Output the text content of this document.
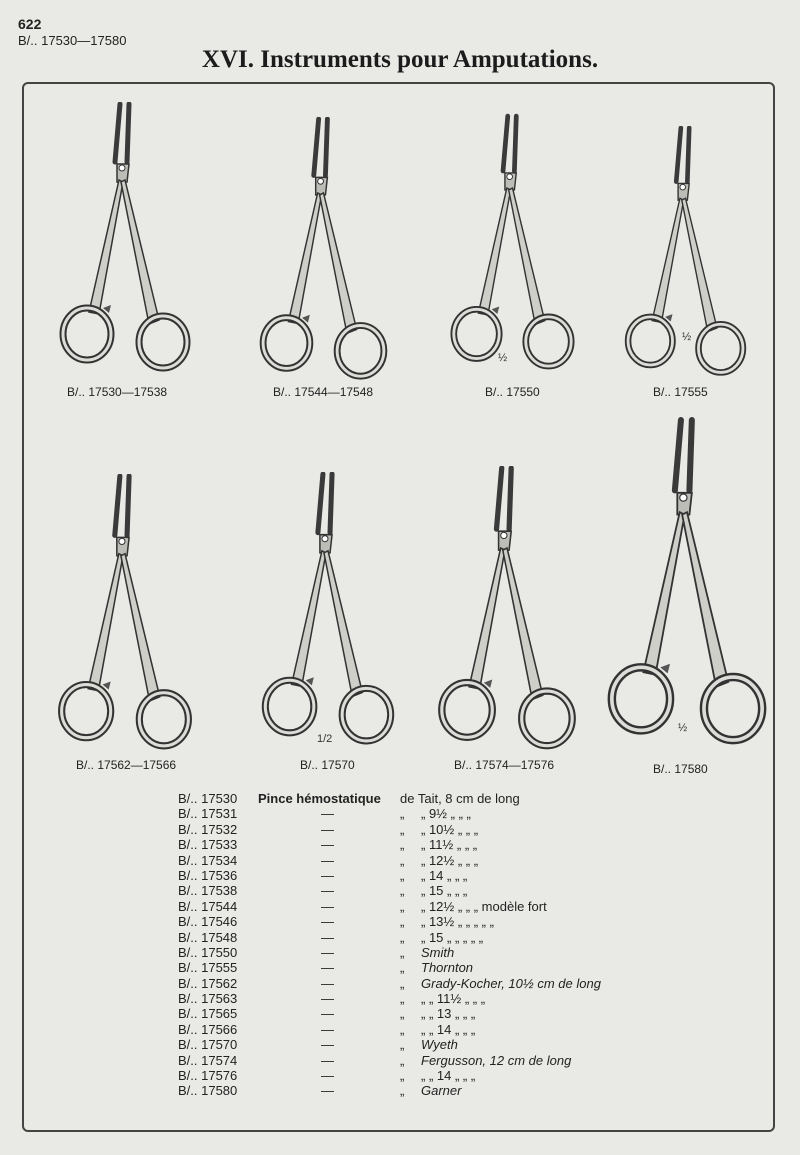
622
B/.. 17530—17580
XVI. Instruments pour Amputations.
B/.. 17530—17538	B/.. 17544—17548	B/.. 17550	B/.. 17555
B/.. 17562—17566	B/.. 17570	B/.. 17574—17576	B/.. 17580
½
½
1/2
½
B/.. 17530	Pince hémostatique de Tait, 8 cm de long
B/.. 17531	—	„ „ 9½ „ „ „
B/.. 17532	—	„ „ 10½ „ „ „
B/.. 17533	—	„ „ 11½ „ „ „
B/.. 17534	—	„ „ 12½ „ „ „
B/.. 17536	—	„ „ 14 „ „ „
B/.. 17538	—	„ „ 15 „ „ „
B/.. 17544	—	„ „ 12½ „ „ „ modèle fort
B/.. 17546	—	„ „ 13½ „ „ „ „ „
B/.. 17548	—	„ „ 15 „ „ „ „ „
B/.. 17550	—	„ Smith
B/.. 17555	—	„ Thornton
B/.. 17562	—	„ Grady-Kocher, 10½ cm de long
B/.. 17563	—	„ „ „ 11½ „ „ „
B/.. 17565	—	„ „ „ 13 „ „ „
B/.. 17566	—	„ „ „ 14 „ „ „
B/.. 17570	—	„ Wyeth
B/.. 17574	—	„ Fergusson, 12 cm de long
B/.. 17576	—	„ „ „ 14 „ „ „
B/.. 17580	—	„ Garner
